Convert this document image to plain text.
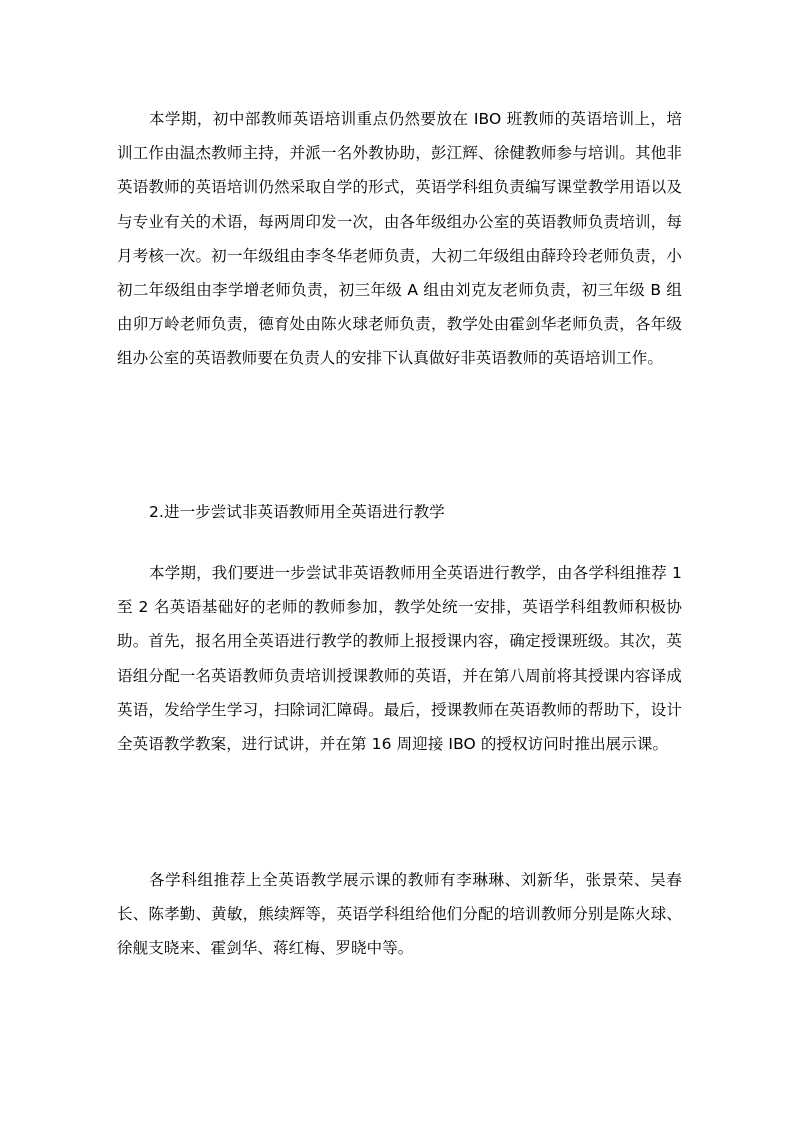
本学期，初中部教师英语培训重点仍然要放在 IBO 班教师的英语培训上，培训工作由温杰教师主持，并派一名外教协助，彭江辉、徐健教师参与培训。其他非英语教师的英语培训仍然采取自学的形式，英语学科组负责编写课堂教学用语以及与专业有关的术语，每两周印发一次，由各年级组办公室的英语教师负责培训，每月考核一次。初一年级组由李冬华老师负责，大初二年级组由薛玲玲老师负责，小初二年级组由李学增老师负责，初三年级 A 组由刘克友老师负责，初三年级 B 组由卯万岭老师负责，德育处由陈火球老师负责，教学处由霍剑华老师负责，各年级组办公室的英语教师要在负责人的安排下认真做好非英语教师的英语培训工作。

2.进一步尝试非英语教师用全英语进行教学

本学期，我们要进一步尝试非英语教师用全英语进行教学，由各学科组推荐 1 至 2 名英语基础好的老师的教师参加，教学处统一安排，英语学科组教师积极协助。首先，报名用全英语进行教学的教师上报授课内容，确定授课班级。其次，英语组分配一名英语教师负责培训授课教师的英语，并在第八周前将其授课内容译成英语，发给学生学习，扫除词汇障碍。最后，授课教师在英语教师的帮助下，设计全英语教学教案，进行试讲，并在第 16 周迎接 IBO 的授权访问时推出展示课。

各学科组推荐上全英语教学展示课的教师有李琳琳、刘新华，张景荣、吴春长、陈孝勤、黄敏，熊续辉等，英语学科组给他们分配的培训教师分别是陈火球、徐舰支晓来、霍剑华、蒋红梅、罗晓中等。
